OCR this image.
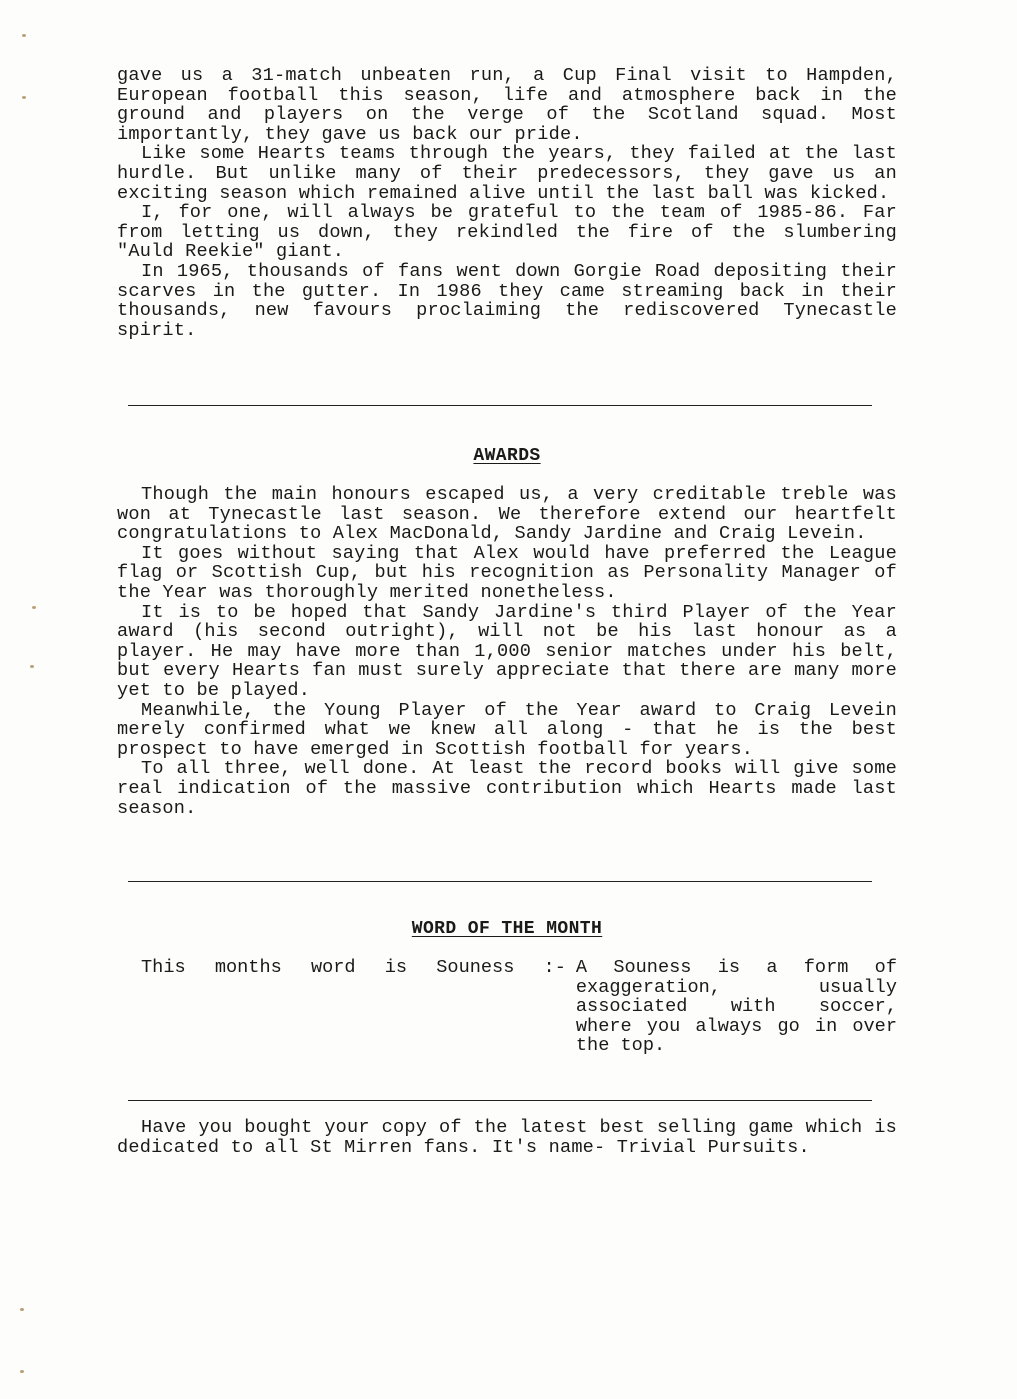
gave us a 31-match unbeaten run, a Cup Final visit to Hampden, European football this season, life and atmosphere back in the ground and players on the verge of the Scotland squad. Most importantly, they gave us back our pride.

Like some Hearts teams through the years, they failed at the last hurdle. But unlike many of their predecessors, they gave us an exciting season which remained alive until the last ball was kicked.

I, for one, will always be grateful to the team of 1985-86. Far from letting us down, they rekindled the fire of the slumbering "Auld Reekie" giant.

In 1965, thousands of fans went down Gorgie Road depositing their scarves in the gutter. In 1986 they came streaming back in their thousands, new favours proclaiming the rediscovered Tynecastle spirit.

AWARDS

Though the main honours escaped us, a very creditable treble was won at Tynecastle last season. We therefore extend our heartfelt congratulations to Alex MacDonald, Sandy Jardine and Craig Levein.

It goes without saying that Alex would have preferred the League flag or Scottish Cup, but his recognition as Personality Manager of the Year was thoroughly merited nonetheless.

It is to be hoped that Sandy Jardine's third Player of the Year award (his second outright), will not be his last honour as a player. He may have more than 1,000 senior matches under his belt, but every Hearts fan must surely appreciate that there are many more yet to be played.

Meanwhile, the Young Player of the Year award to Craig Levein merely confirmed what we knew all along - that he is the best prospect to have emerged in Scottish football for years.

To all three, well done. At least the record books will give some real indication of the massive contribution which Hearts made last season.

WORD OF THE MONTH
This months word is Souness :- A Souness is a form of exaggeration, usually associated with soccer, where you always go in over the top.

Have you bought your copy of the latest best selling game which is dedicated to all St Mirren fans. It's name- Trivial Pursuits.
